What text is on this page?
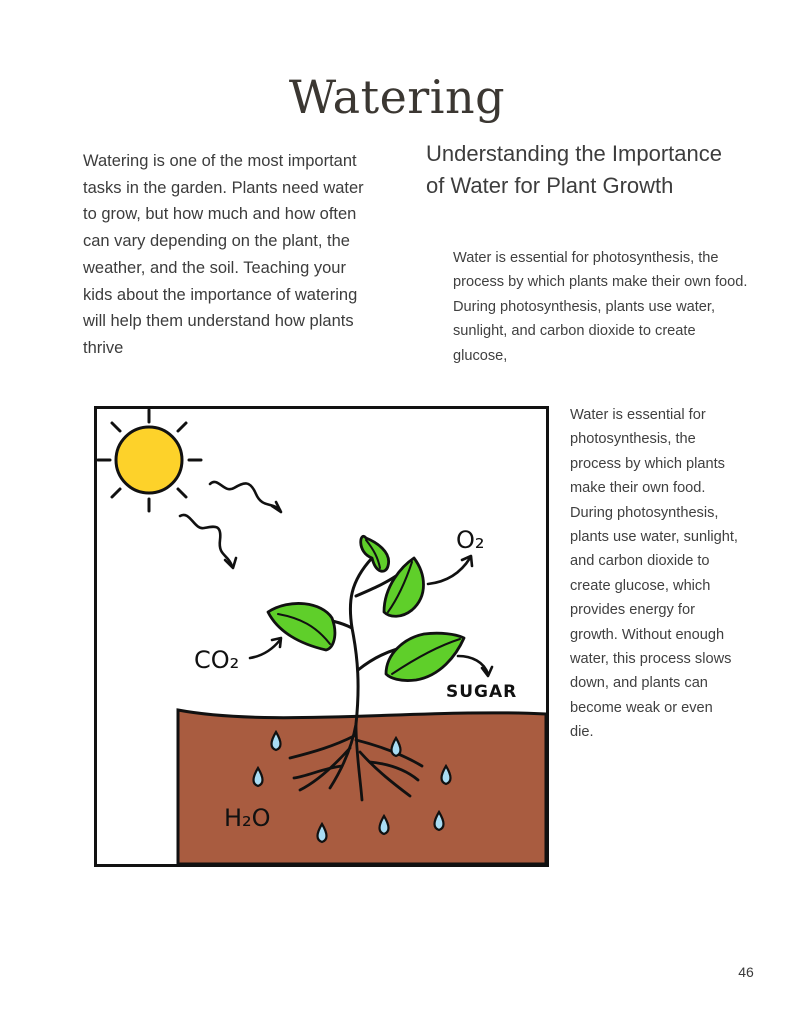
Watering

Watering is one of the most important tasks in the garden. Plants need water to grow, but how much and how often can vary depending on the plant, the weather, and the soil. Teaching your kids about the importance of watering will help them understand how plants thrive

Understanding the Importance of Water for Plant Growth

Water is essential for photosynthesis, the process by which plants make their own food. During photosynthesis, plants use water, sunlight, and carbon dioxide to create glucose,

Water is essential for photosynthesis, the process by which plants make their own food. During photosynthesis, plants use water, sunlight, and carbon dioxide to create glucose, which provides energy for growth. Without enough water, this process slows down, and plants can become weak or even die.

O₂
CO₂
SUGAR
H₂O
46
